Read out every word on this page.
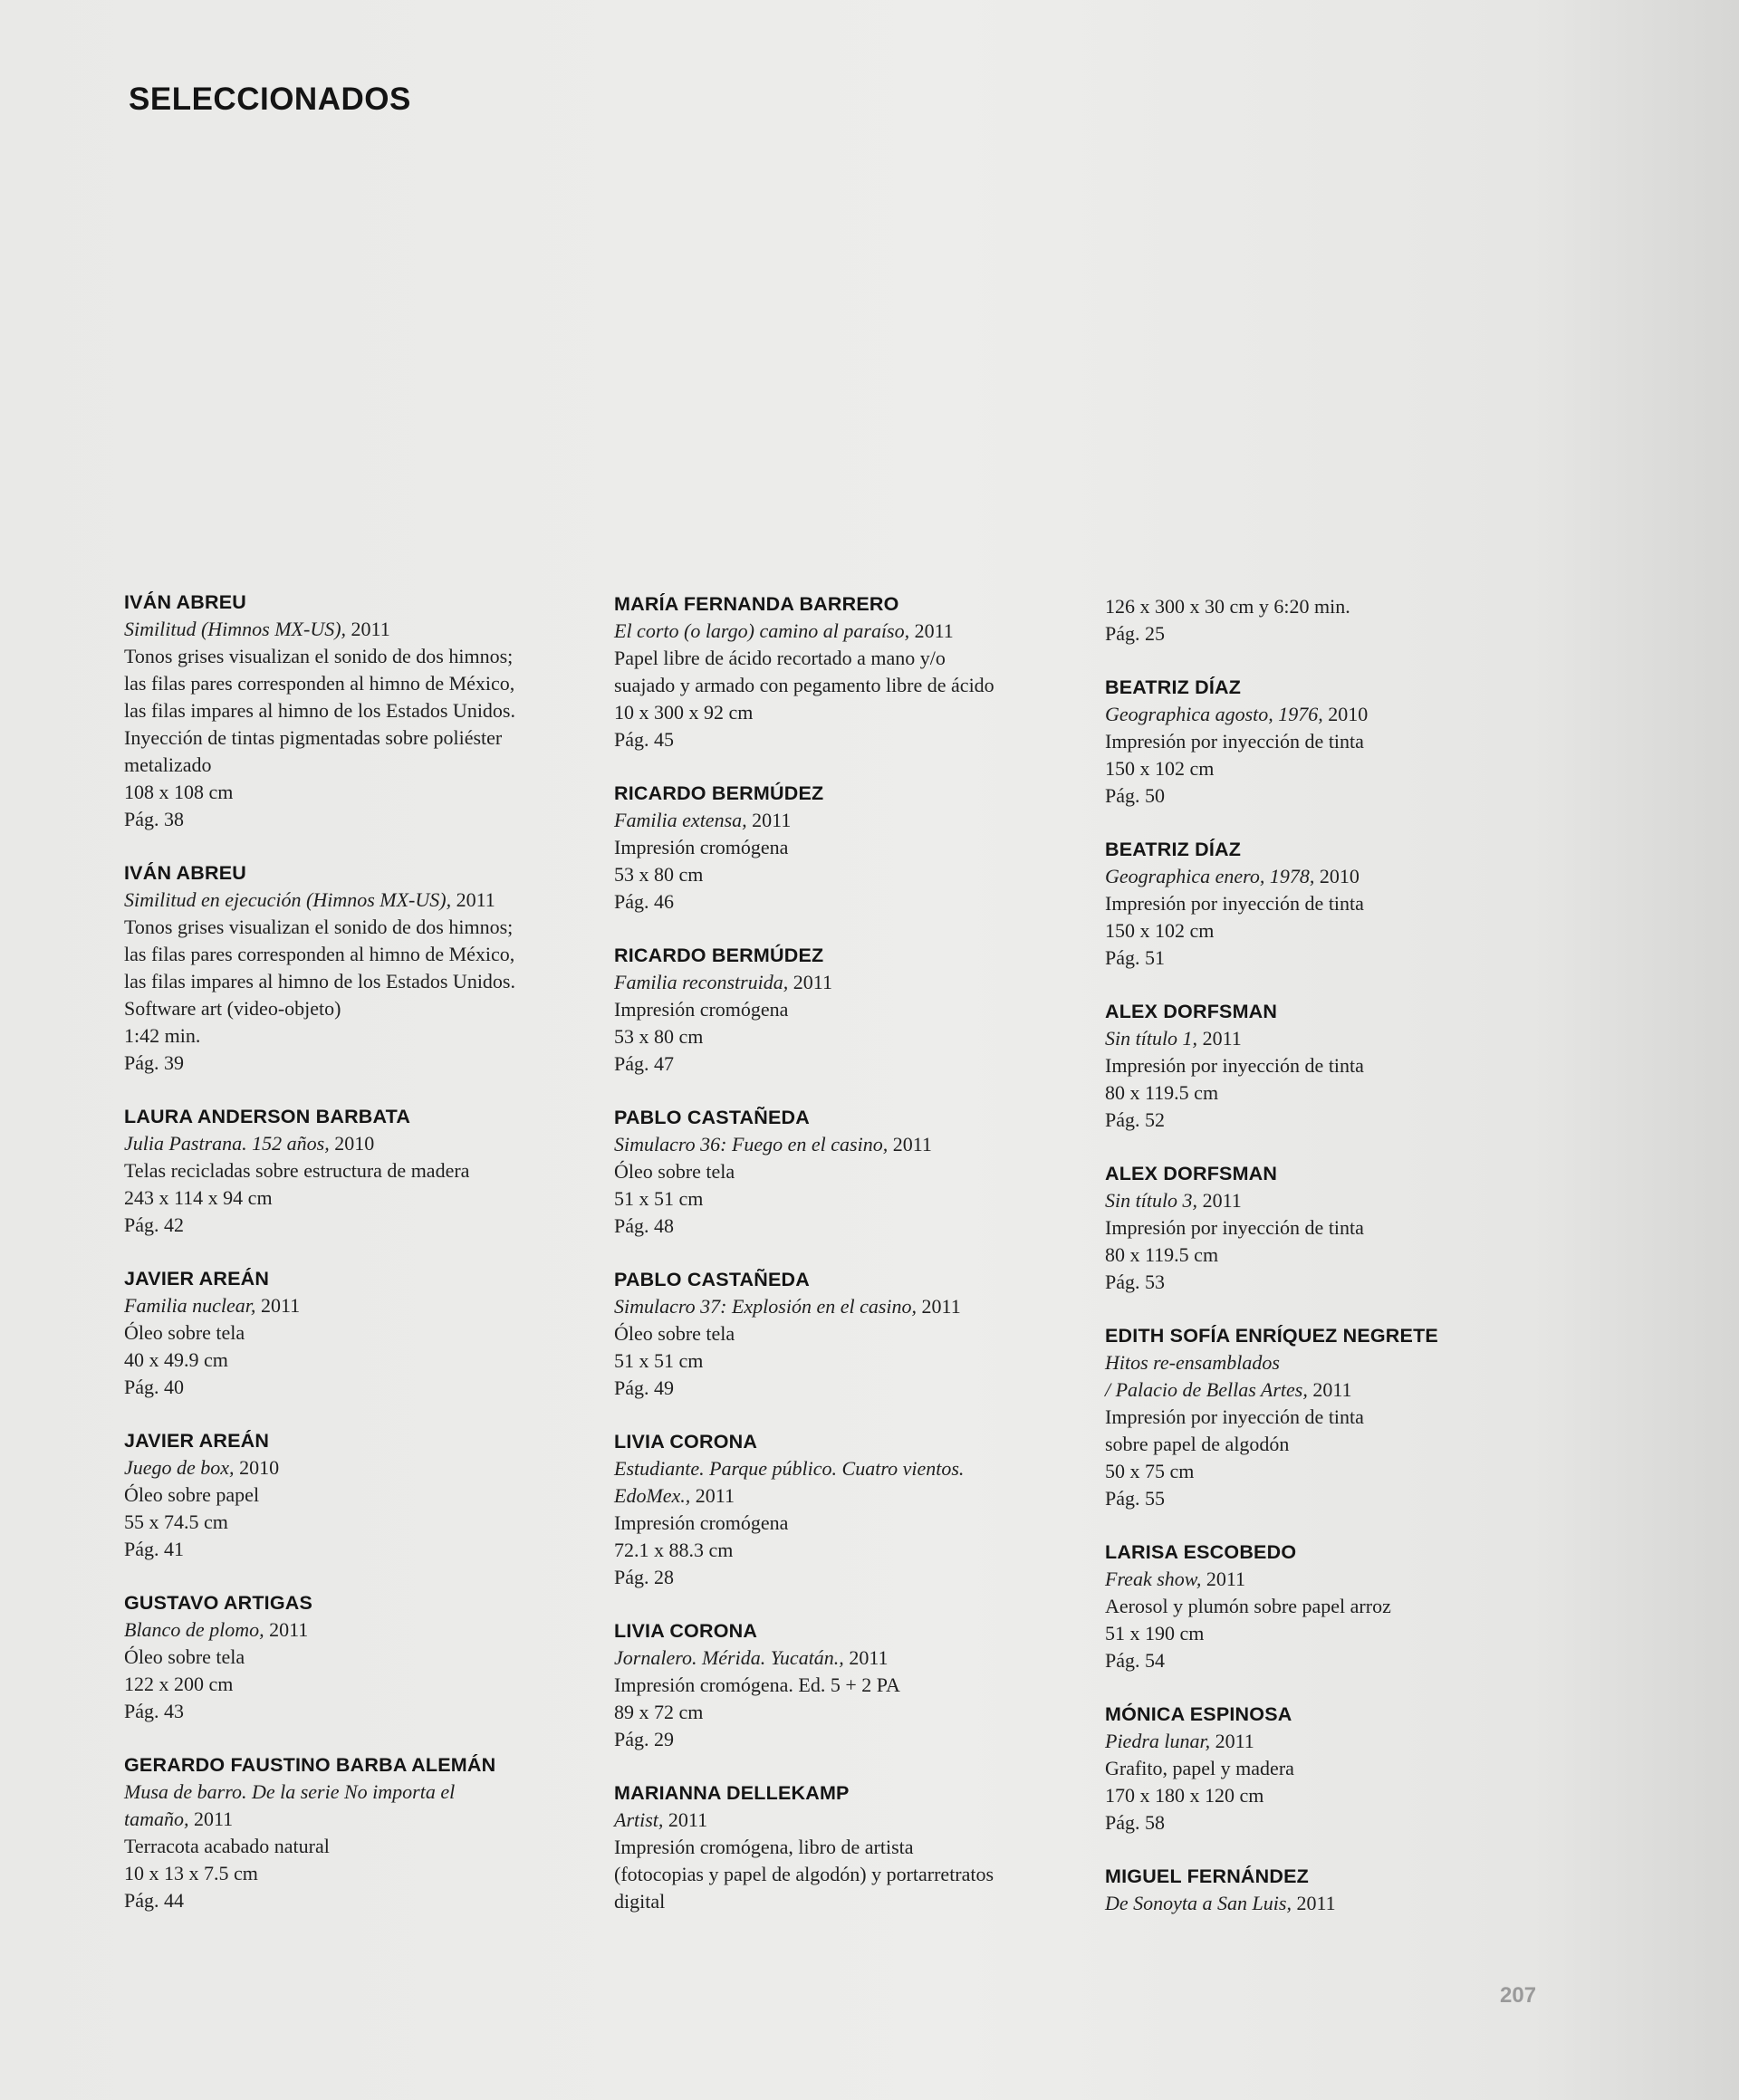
SELECCIONADOS
IVÁN ABREU
Similitud (Himnos MX-US), 2011
Tonos grises visualizan el sonido de dos himnos;
las filas pares corresponden al himno de México,
las filas impares al himno de los Estados Unidos.
Inyección de tintas pigmentadas sobre poliéster
metalizado
108 x 108 cm
Pág. 38
IVÁN ABREU
Similitud en ejecución (Himnos MX-US), 2011
Tonos grises visualizan el sonido de dos himnos;
las filas pares corresponden al himno de México,
las filas impares al himno de los Estados Unidos.
Software art (video-objeto)
1:42 min.
Pág. 39
LAURA ANDERSON BARBATA
Julia Pastrana. 152 años, 2010
Telas recicladas sobre estructura de madera
243 x 114 x 94 cm
Pág. 42
JAVIER AREÁN
Familia nuclear, 2011
Óleo sobre tela
40 x 49.9 cm
Pág. 40
JAVIER AREÁN
Juego de box, 2010
Óleo sobre papel
55 x 74.5 cm
Pág. 41
GUSTAVO ARTIGAS
Blanco de plomo, 2011
Óleo sobre tela
122 x 200 cm
Pág. 43
GERARDO FAUSTINO BARBA ALEMÁN
Musa de barro. De la serie No importa el
tamaño, 2011
Terracota acabado natural
10 x 13 x 7.5 cm
Pág. 44
MARÍA FERNANDA BARRERO
El corto (o largo) camino al paraíso, 2011
Papel libre de ácido recortado a mano y/o
suajado y armado con pegamento libre de ácido
10 x 300 x 92 cm
Pág. 45
RICARDO BERMÚDEZ
Familia extensa, 2011
Impresión cromógena
53 x 80 cm
Pág. 46
RICARDO BERMÚDEZ
Familia reconstruida, 2011
Impresión cromógena
53 x 80 cm
Pág. 47
PABLO CASTAÑEDA
Simulacro 36: Fuego en el casino, 2011
Óleo sobre tela
51 x 51 cm
Pág. 48
PABLO CASTAÑEDA
Simulacro 37: Explosión en el casino, 2011
Óleo sobre tela
51 x 51 cm
Pág. 49
LIVIA CORONA
Estudiante. Parque público. Cuatro vientos.
EdoMex., 2011
Impresión cromógena
72.1 x 88.3 cm
Pág. 28
LIVIA CORONA
Jornalero. Mérida. Yucatán., 2011
Impresión cromógena. Ed. 5 + 2 PA
89 x 72 cm
Pág. 29
MARIANNA DELLEKAMP
Artist, 2011
Impresión cromógena, libro de artista
(fotocopias y papel de algodón) y portarretratos
digital
126 x 300 x 30 cm y 6:20 min.
Pág. 25
BEATRIZ DÍAZ
Geographica agosto, 1976, 2010
Impresión por inyección de tinta
150 x 102 cm
Pág. 50
BEATRIZ DÍAZ
Geographica enero, 1978, 2010
Impresión por inyección de tinta
150 x 102 cm
Pág. 51
ALEX DORFSMAN
Sin título 1, 2011
Impresión por inyección de tinta
80 x 119.5 cm
Pág. 52
ALEX DORFSMAN
Sin título 3, 2011
Impresión por inyección de tinta
80 x 119.5 cm
Pág. 53
EDITH SOFÍA ENRÍQUEZ NEGRETE
Hitos re-ensamblados
/ Palacio de Bellas Artes, 2011
Impresión por inyección de tinta
sobre papel de algodón
50 x 75 cm
Pág. 55
LARISA ESCOBEDO
Freak show, 2011
Aerosol y plumón sobre papel arroz
51 x 190 cm
Pág. 54
MÓNICA ESPINOSA
Piedra lunar, 2011
Grafito, papel y madera
170 x 180 x 120 cm
Pág. 58
MIGUEL FERNÁNDEZ
De Sonoyta a San Luis, 2011
207
